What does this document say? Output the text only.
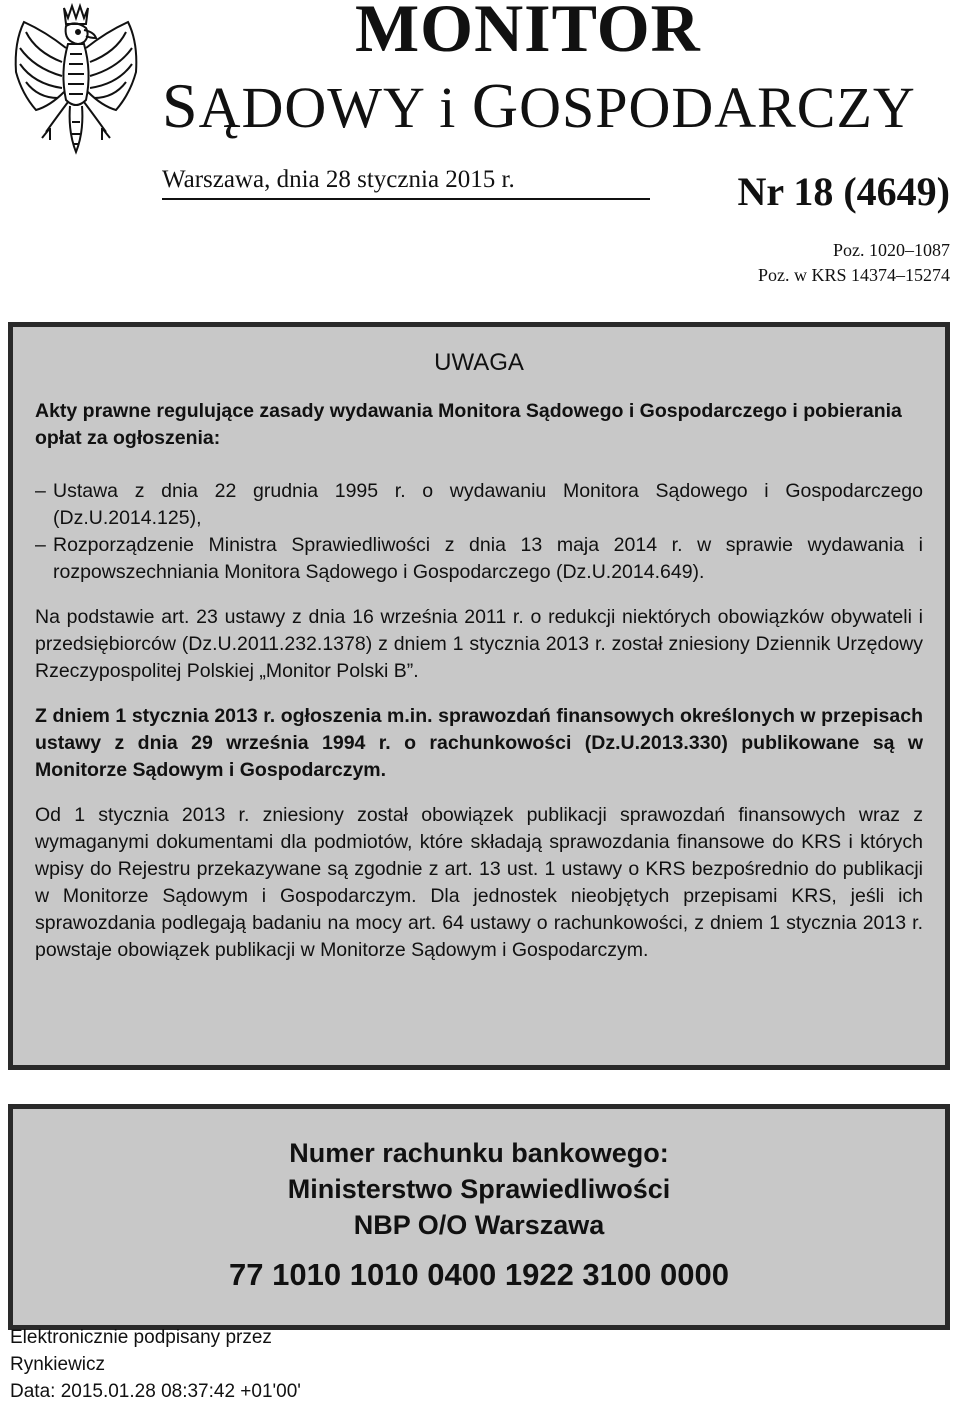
MONITOR
SĄDOWY i GOSPODARCZY
Warszawa, dnia 28 stycznia 2015 r.	Nr 18 (4649)
Poz. 1020–1087
Poz. w KRS 14374–15274
UWAGA

Akty prawne regulujące zasady wydawania Monitora Sądowego i Gospodarczego i pobierania opłat za ogłoszenia:

– Ustawa z dnia 22 grudnia 1995 r. o wydawaniu Monitora Sądowego i Gospodarczego (Dz.U.2014.125),
– Rozporządzenie Ministra Sprawiedliwości z dnia 13 maja 2014 r. w sprawie wydawania i rozpowszechniania Monitora Sądowego i Gospodarczego (Dz.U.2014.649).

Na podstawie art. 23 ustawy z dnia 16 września 2011 r. o redukcji niektórych obowiązków obywateli i przedsiębiorców (Dz.U.2011.232.1378) z dniem 1 stycznia 2013 r. został zniesiony Dziennik Urzędowy Rzeczypospolitej Polskiej „Monitor Polski B”.

Z dniem 1 stycznia 2013 r. ogłoszenia m.in. sprawozdań finansowych określonych w przepisach ustawy z dnia 29 września 1994 r. o rachunkowości (Dz.U.2013.330) publikowane są w Monitorze Sądowym i Gospodarczym.

Od 1 stycznia 2013 r. zniesiony został obowiązek publikacji sprawozdań finansowych wraz z wymaganymi dokumentami dla podmiotów, które składają sprawozdania finansowe do KRS i których wpisy do Rejestru przekazywane są zgodnie z art. 13 ust. 1 ustawy o KRS bezpośrednio do publikacji w Monitorze Sądowym i Gospodarczym. Dla jednostek nieobjętych przepisami KRS, jeśli ich sprawozdania podlegają badaniu na mocy art. 64 ustawy o rachunkowości, z dniem 1 stycznia 2013 r. powstaje obowiązek publikacji w Monitorze Sądowym i Gospodarczym.

Numer rachunku bankowego:
Ministerstwo Sprawiedliwości
NBP O/O Warszawa
77 1010 1010 0400 1922 3100 0000
Elektronicznie podpisany przez
Rynkiewicz
Data: 2015.01.28 08:37:42 +01'00'
